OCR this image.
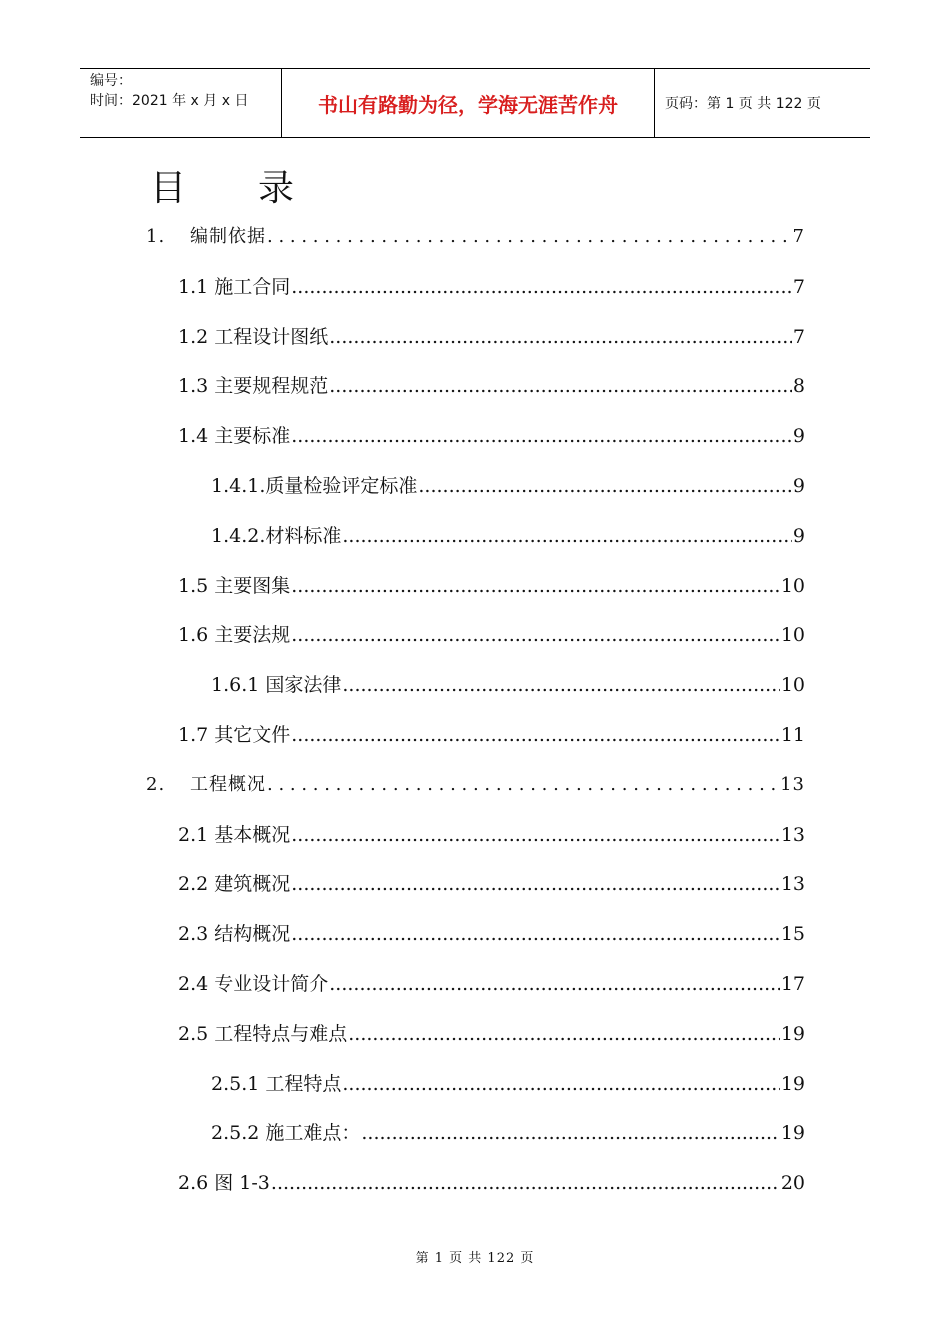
编号：
时间：2021 年 x 月 x 日	书山有路勤为径，学海无涯苦作舟	页码：第 1 页 共 122 页
目录
1. 编制依据 . . .	7
1.1 施工合同 .....	7
1.2 工程设计图纸 .....	7
1.3 主要规程规范 .....	8
1.4 主要标准 .....	9
1.4.1.质量检验评定标准 .....	9
1.4.2.材料标准 .....	9
1.5 主要图集 .....	10
1.6 主要法规 .....	10
1.6.1 国家法律 .....	10
1.7 其它文件 .....	11
2. 工程概况 . . .	13
2.1 基本概况 .....	13
2.2 建筑概况 .....	13
2.3 结构概况 .....	15
2.4 专业设计简介 .....	17
2.5 工程特点与难点 .....	19
2.5.1 工程特点 .....	19
2.5.2 施工难点： .....	19
2.6 图 1-3 .....	20
第 1 页 共 122 页
